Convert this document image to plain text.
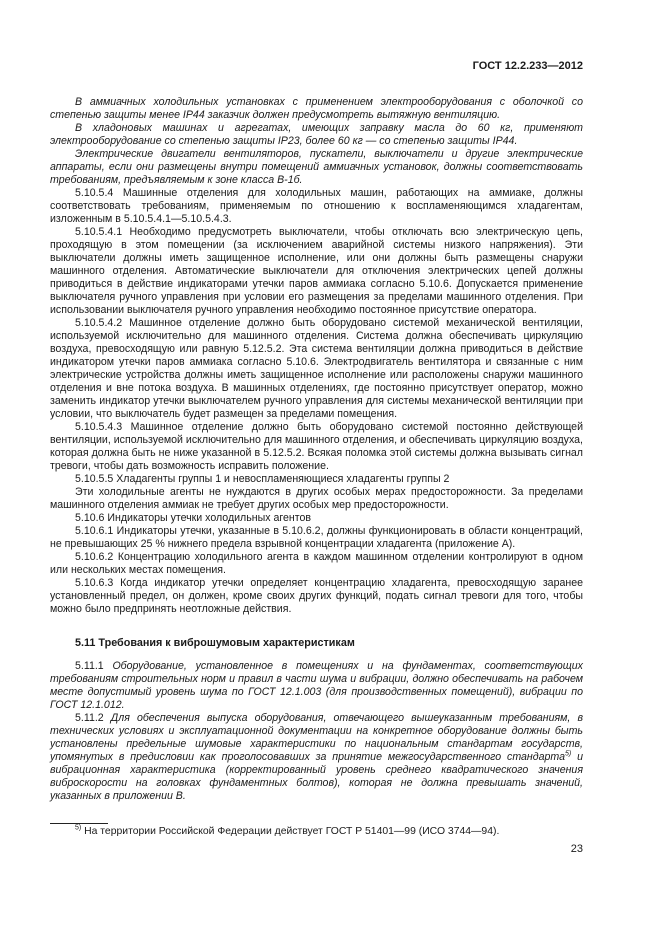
ГОСТ 12.2.233—2012

В аммиачных холодильных установках с применением электрооборудования с оболочкой со степенью защиты менее IP44 заказчик должен предусмотреть вытяжную вентиляцию.

В хладоновых машинах и агрегатах, имеющих заправку масла до 60 кг, применяют электрооборудование со степенью защиты IP23, более 60 кг — со степенью защиты IP44.

Электрические двигатели вентиляторов, пускатели, выключатели и другие электрические аппараты, если они размещены внутри помещений аммиачных установок, должны соответствовать требованиям, предъявляемым к зоне класса В-1б.

5.10.5.4 Машинные отделения для холодильных машин, работающих на аммиаке, должны соответствовать требованиям, применяемым по отношению к воспламеняющимся хладагентам, изложенным в 5.10.5.4.1—5.10.5.4.3.

5.10.5.4.1 Необходимо предусмотреть выключатели, чтобы отключать всю электрическую цепь, проходящую в этом помещении (за исключением аварийной системы низкого напряжения). Эти выключатели должны иметь защищенное исполнение, или они должны быть размещены снаружи машинного отделения. Автоматические выключатели для отключения электрических цепей должны приводиться в действие индикаторами утечки паров аммиака согласно 5.10.6. Допускается применение выключателя ручного управления при условии его размещения за пределами машинного отделения. При использовании выключателя ручного управления необходимо постоянное присутствие оператора.

5.10.5.4.2 Машинное отделение должно быть оборудовано системой механической вентиляции, используемой исключительно для машинного отделения. Система должна обеспечивать циркуляцию воздуха, превосходящую или равную 5.12.5.2. Эта система вентиляции должна приводиться в действие индикатором утечки паров аммиака согласно 5.10.6. Электродвигатель вентилятора и связанные с ним электрические устройства должны иметь защищенное исполнение или расположены снаружи машинного отделения и вне потока воздуха. В машинных отделениях, где постоянно присутствует оператор, можно заменить индикатор утечки выключателем ручного управления для системы механической вентиляции при условии, что выключатель будет размещен за пределами помещения.

5.10.5.4.3 Машинное отделение должно быть оборудовано системой постоянно действующей вентиляции, используемой исключительно для машинного отделения, и обеспечивать циркуляцию воздуха, которая должна быть не ниже указанной в 5.12.5.2. Всякая поломка этой системы должна вызывать сигнал тревоги, чтобы дать возможность исправить положение.

5.10.5.5 Хладагенты группы 1 и невоспламеняющиеся хладагенты группы 2

Эти холодильные агенты не нуждаются в других особых мерах предосторожности. За пределами машинного отделения аммиак не требует других особых мер предосторожности.

5.10.6 Индикаторы утечки холодильных агентов

5.10.6.1 Индикаторы утечки, указанные в 5.10.6.2, должны функционировать в области концентраций, не превышающих 25 % нижнего предела взрывной концентрации хладагента (приложение А).

5.10.6.2 Концентрацию холодильного агента в каждом машинном отделении контролируют в одном или нескольких местах помещения.

5.10.6.3 Когда индикатор утечки определяет концентрацию хладагента, превосходящую заранее установленный предел, он должен, кроме своих других функций, подать сигнал тревоги для того, чтобы можно было предпринять неотложные действия.

5.11 Требования к виброшумовым характеристикам

5.11.1 Оборудование, установленное в помещениях и на фундаментах, соответствующих требованиям строительных норм и правил в части шума и вибрации, должно обеспечивать на рабочем месте допустимый уровень шума по ГОСТ 12.1.003 (для производственных помещений), вибрации по ГОСТ 12.1.012.

5.11.2 Для обеспечения выпуска оборудования, отвечающего вышеуказанным требованиям, в технических условиях и эксплуатационной документации на конкретное оборудование должны быть установлены предельные шумовые характеристики по национальным стандартам государств, упомянутых в предисловии как проголосовавших за принятие межгосударственного стандарта$^{5)}$ и вибрационная характеристика (корректированный уровень среднего квадратического значения виброскорости на головках фундаментных болтов), которая не должна превышать значений, указанных в приложении В.

$^{5)}$ На территории Российской Федерации действует ГОСТ Р 51401—99 (ИСО 3744—94).
23
